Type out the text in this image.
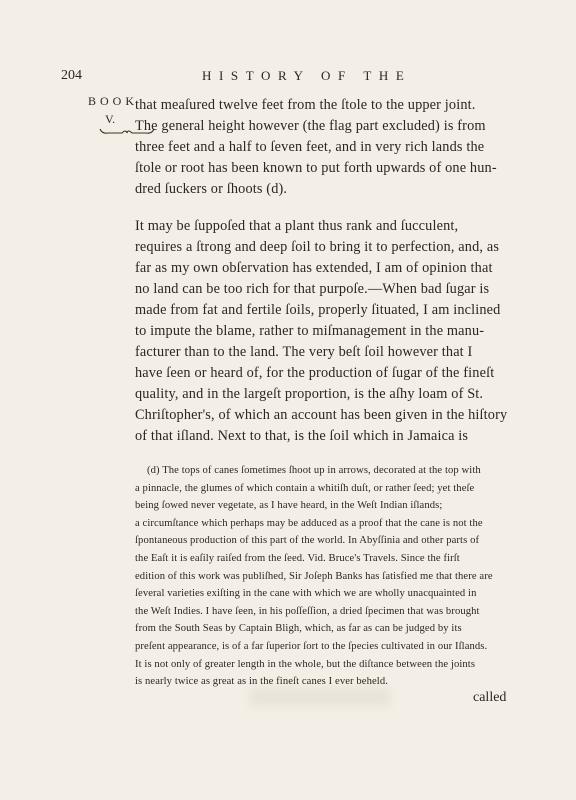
204	HISTORY OF THE
BOOK
V.

that meaſured twelve feet from the ſtole to the upper joint.

The general height however (the flag part excluded) is from

three feet and a half to ſeven feet, and in very rich lands the

ſtole or root has been known to put forth upwards of one hun-

dred ſuckers or ſhoots (d).

It may be ſuppoſed that a plant thus rank and ſucculent,

requires a ſtrong and deep ſoil to bring it to perfection, and, as

far as my own obſervation has extended, I am of opinion that

no land can be too rich for that purpoſe.—When bad ſugar is

made from fat and fertile ſoils, properly ſituated, I am inclined

to impute the blame, rather to miſmanagement in the manu-

facturer than to the land. The very beſt ſoil however that I

have ſeen or heard of, for the production of ſugar of the fineſt

quality, and in the largeſt proportion, is the aſhy loam of St.

Chriſtopher's, of which an account has been given in the hiſtory

of that iſland. Next to that, is the ſoil which in Jamaica is

(d) The tops of canes ſometimes ſhoot up in arrows, decorated at the top with

a pinnacle, the glumes of which contain a whitiſh duſt, or rather ſeed; yet theſe

being ſowed never vegetate, as I have heard, in the Weſt Indian iſlands;

a circumſtance which perhaps may be adduced as a proof that the cane is not the

ſpontaneous production of this part of the world. In Abyſſinia and other parts of

the Eaſt it is eaſily raiſed from the ſeed. Vid. Bruce's Travels. Since the firſt

edition of this work was publiſhed, Sir Joſeph Banks has ſatisfied me that there are

ſeveral varieties exiſting in the cane with which we are wholly unacquainted in

the Weſt Indies. I have ſeen, in his poſſeſſion, a dried ſpecimen that was brought

from the South Seas by Captain Bligh, which, as far as can be judged by its

preſent appearance, is of a far ſuperior ſort to the ſpecies cultivated in our Iſlands.

It is not only of greater length in the whole, but the diſtance between the joints

is nearly twice as great as in the fineſt canes I ever beheld.

called
